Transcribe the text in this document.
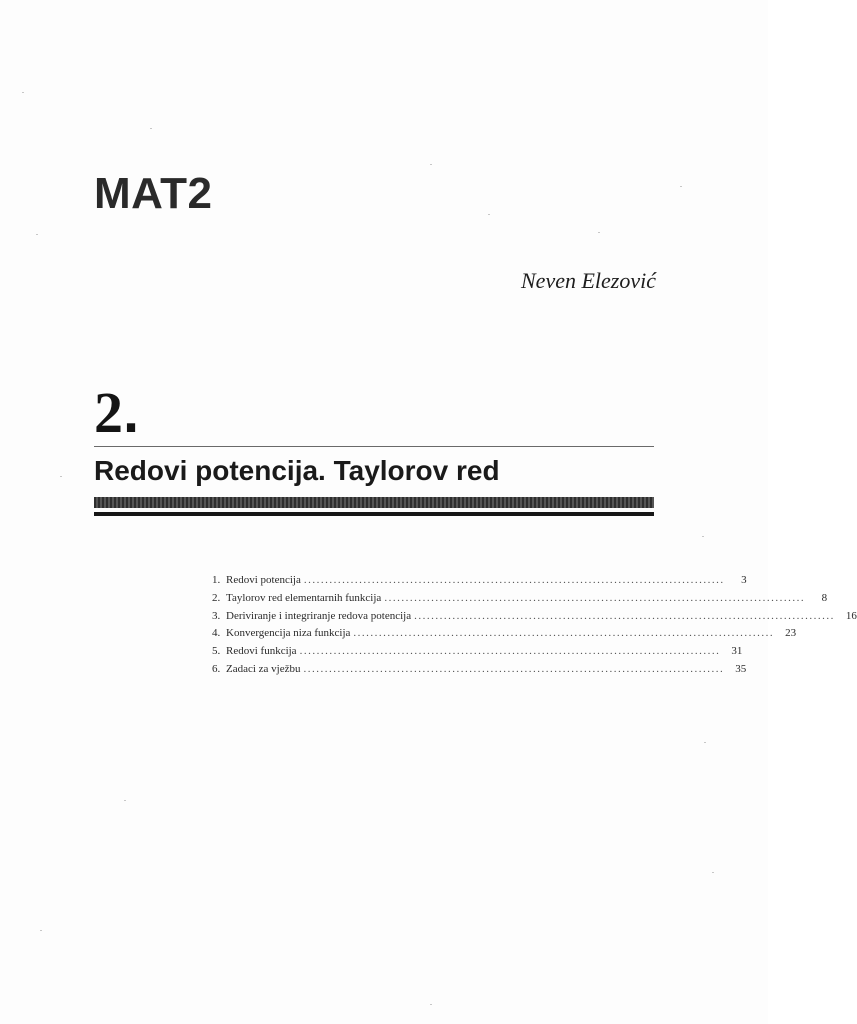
MAT2
Neven Elezović
2.
Redovi potencija. Taylorov red
1. Redovi potencija ...................................................................................................	3
2. Taylorov red elementarnih funkcija ...................................................................................................	8
3. Deriviranje i integriranje redova potencija ...................................................................................................	16
4. Konvergencija niza funkcija ...................................................................................................	23
5. Redovi funkcija ...................................................................................................	31
6. Zadaci za vježbu ...................................................................................................	35
